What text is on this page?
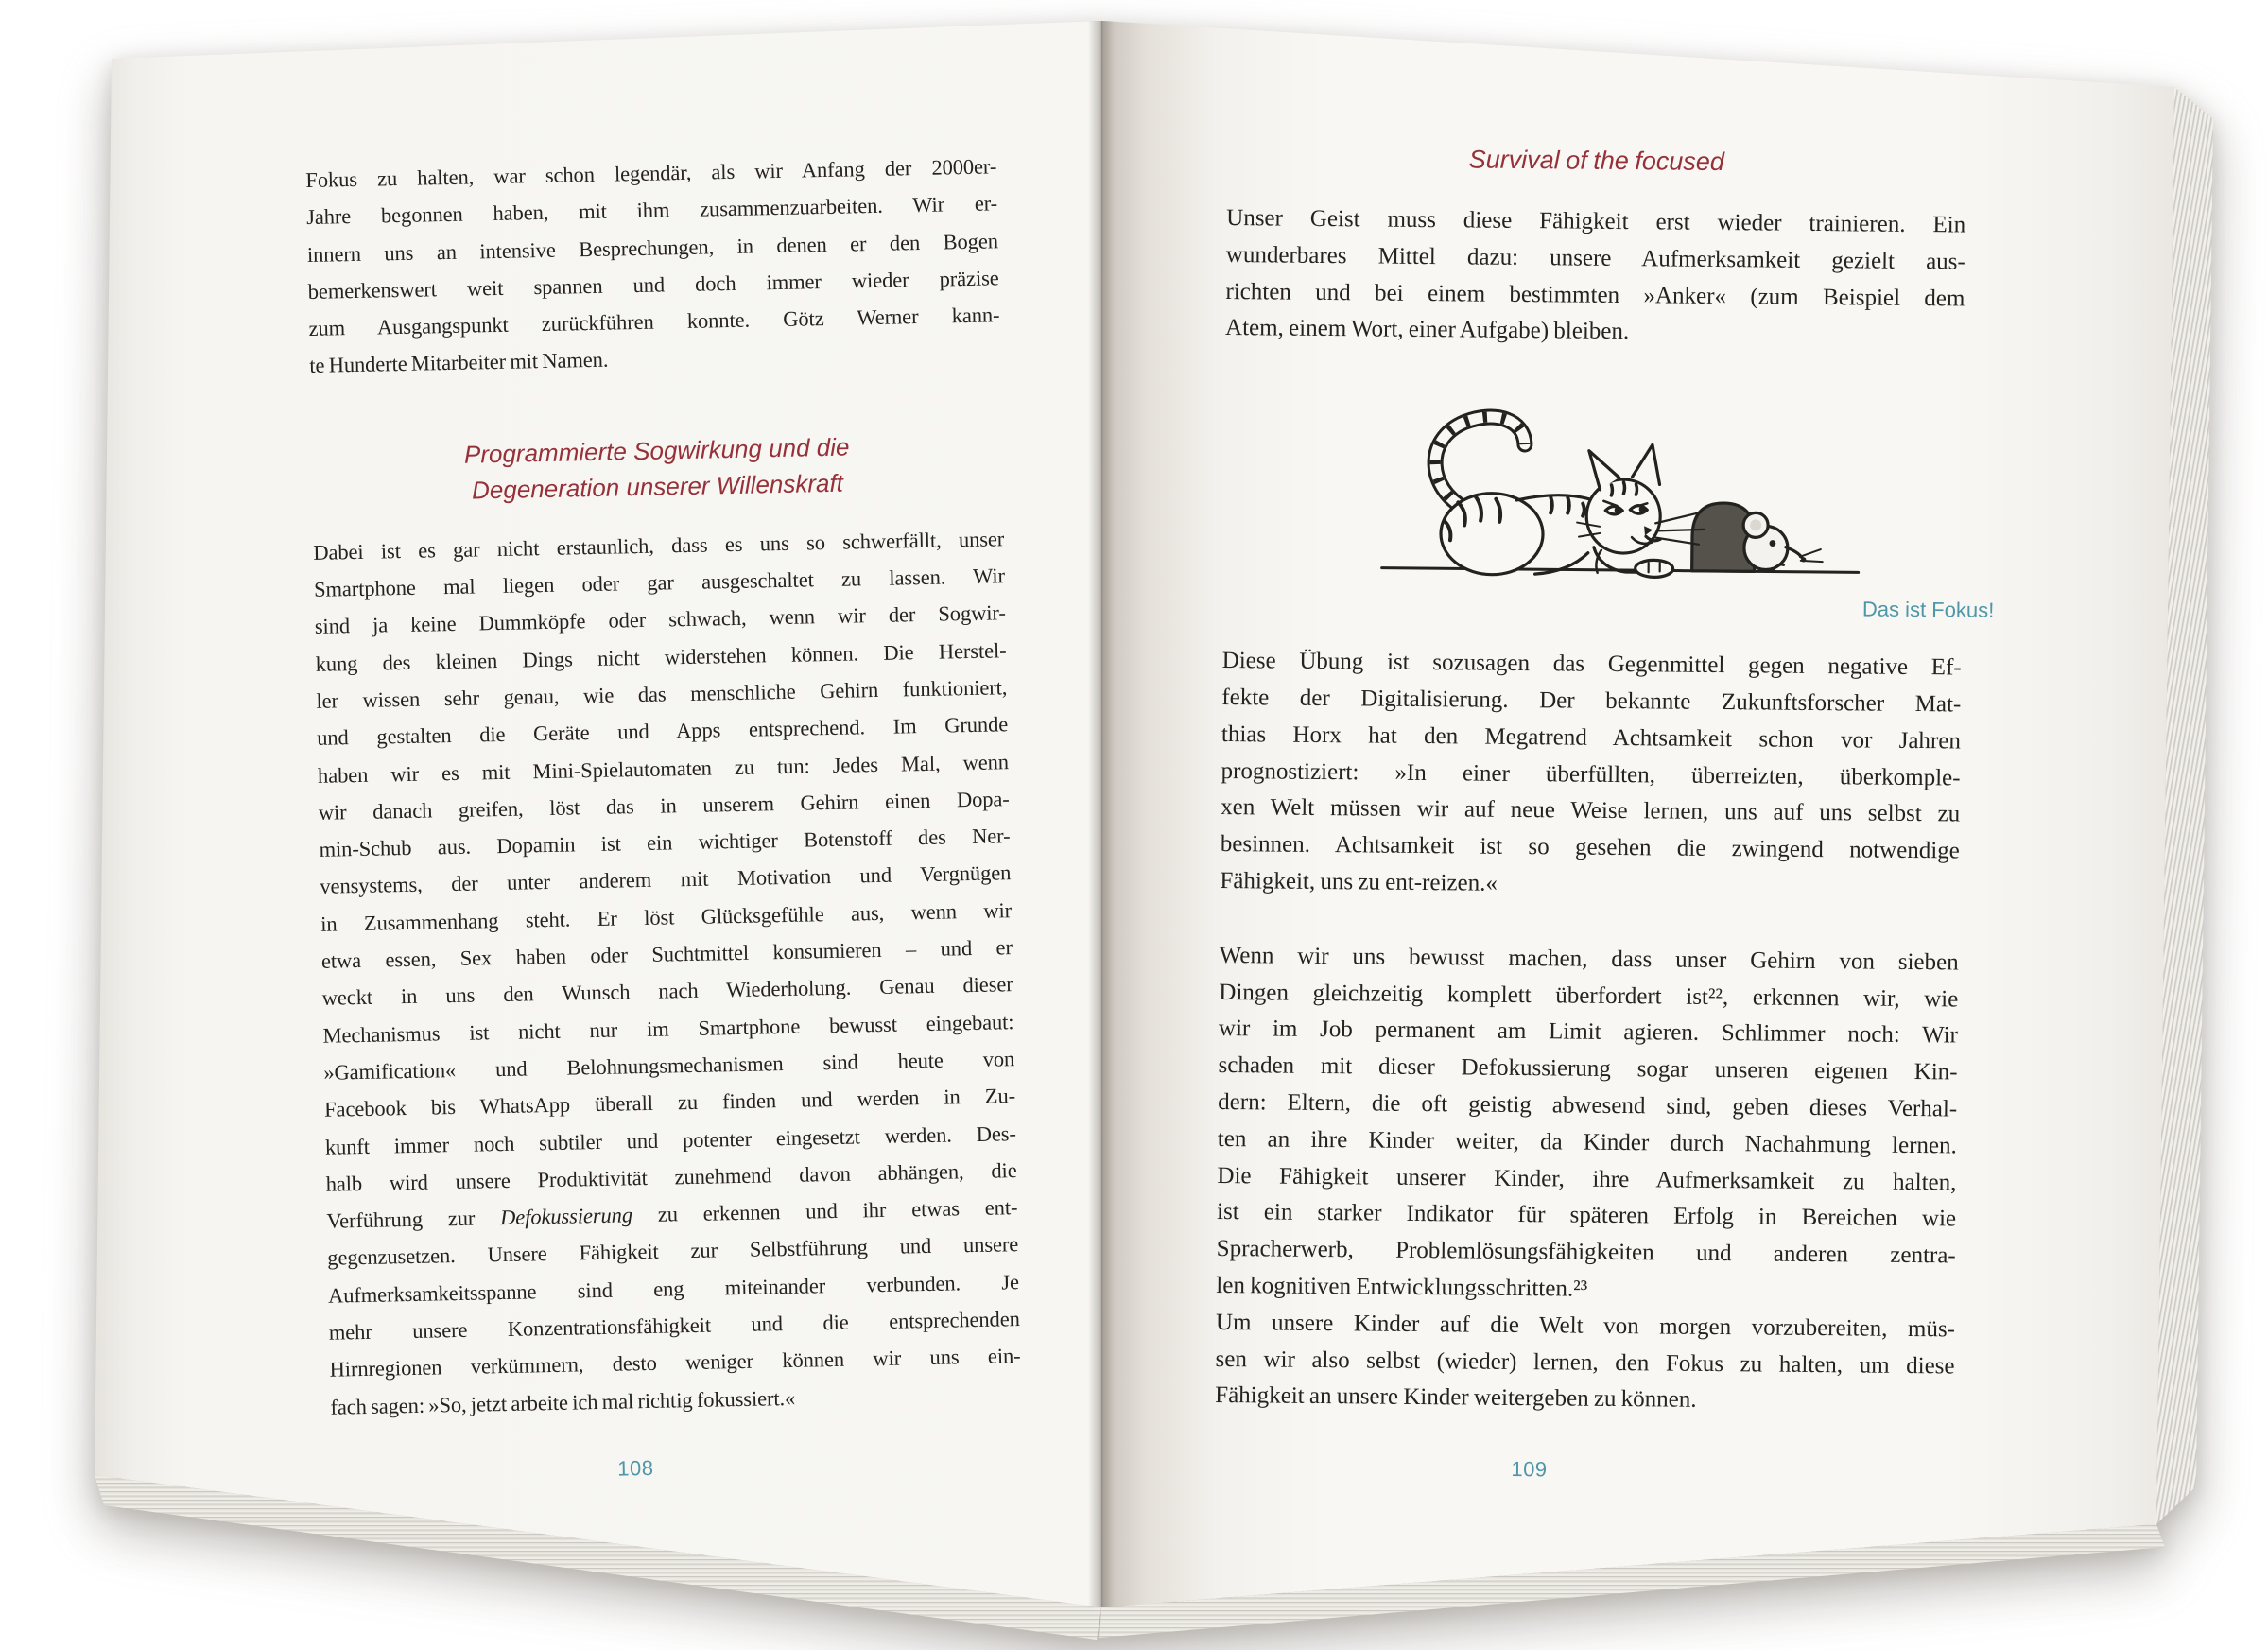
Fokus zu halten, war schon legendär, als wir Anfang der 2000er-
Jahre begonnen haben, mit ihm zusammenzuarbeiten. Wir er-
innern uns an intensive Besprechungen, in denen er den Bogen
bemerkenswert weit spannen und doch immer wieder präzise
zum Ausgangspunkt zurückführen konnte. Götz Werner kann-
te Hunderte Mitarbeiter mit Namen.
Programmierte Sogwirkung und die
Degeneration unserer Willenskraft
Dabei ist es gar nicht erstaunlich, dass es uns so schwerfällt, unser
Smartphone mal liegen oder gar ausgeschaltet zu lassen. Wir
sind ja keine Dummköpfe oder schwach, wenn wir der Sogwir-
kung des kleinen Dings nicht widerstehen können. Die Herstel-
ler wissen sehr genau, wie das menschliche Gehirn funktioniert,
und gestalten die Geräte und Apps entsprechend. Im Grunde
haben wir es mit Mini-Spielautomaten zu tun: Jedes Mal, wenn
wir danach greifen, löst das in unserem Gehirn einen Dopa-
min-Schub aus. Dopamin ist ein wichtiger Botenstoff des Ner-
vensystems, der unter anderem mit Motivation und Vergnügen
in Zusammenhang steht. Er löst Glücksgefühle aus, wenn wir
etwa essen, Sex haben oder Suchtmittel konsumieren – und er
weckt in uns den Wunsch nach Wiederholung. Genau dieser
Mechanismus ist nicht nur im Smartphone bewusst eingebaut:
»Gamification« und Belohnungsmechanismen sind heute von
Facebook bis WhatsApp überall zu finden und werden in Zu-
kunft immer noch subtiler und potenter eingesetzt werden. Des-
halb wird unsere Produktivität zunehmend davon abhängen, die
Verführung zur Defokussierung zu erkennen und ihr etwas ent-
gegenzusetzen. Unsere Fähigkeit zur Selbstführung und unsere
Aufmerksamkeitsspanne sind eng miteinander verbunden. Je
mehr unsere Konzentrationsfähigkeit und die entsprechenden
Hirnregionen verkümmern, desto weniger können wir uns ein-
fach sagen: »So, jetzt arbeite ich mal richtig fokussiert.«
108
Survival of the focused
Unser Geist muss diese Fähigkeit erst wieder trainieren. Ein
wunderbares Mittel dazu: unsere Aufmerksamkeit gezielt aus-
richten und bei einem bestimmten »Anker« (zum Beispiel dem
Atem, einem Wort, einer Aufgabe) bleiben.
Das ist Fokus!
Diese Übung ist sozusagen das Gegenmittel gegen negative Ef-
fekte der Digitalisierung. Der bekannte Zukunftsforscher Mat-
thias Horx hat den Megatrend Achtsamkeit schon vor Jahren
prognostiziert: »In einer überfüllten, überreizten, überkomple-
xen Welt müssen wir auf neue Weise lernen, uns auf uns selbst zu
besinnen. Achtsamkeit ist so gesehen die zwingend notwendige
Fähigkeit, uns zu ent-reizen.«
Wenn wir uns bewusst machen, dass unser Gehirn von sieben
Dingen gleichzeitig komplett überfordert ist²², erkennen wir, wie
wir im Job permanent am Limit agieren. Schlimmer noch: Wir
schaden mit dieser Defokussierung sogar unseren eigenen Kin-
dern: Eltern, die oft geistig abwesend sind, geben dieses Verhal-
ten an ihre Kinder weiter, da Kinder durch Nachahmung lernen.
Die Fähigkeit unserer Kinder, ihre Aufmerksamkeit zu halten,
ist ein starker Indikator für späteren Erfolg in Bereichen wie
Spracherwerb, Problemlösungsfähigkeiten und anderen zentra-
len kognitiven Entwicklungsschritten.²³
Um unsere Kinder auf die Welt von morgen vorzubereiten, müs-
sen wir also selbst (wieder) lernen, den Fokus zu halten, um diese
Fähigkeit an unsere Kinder weitergeben zu können.
109
